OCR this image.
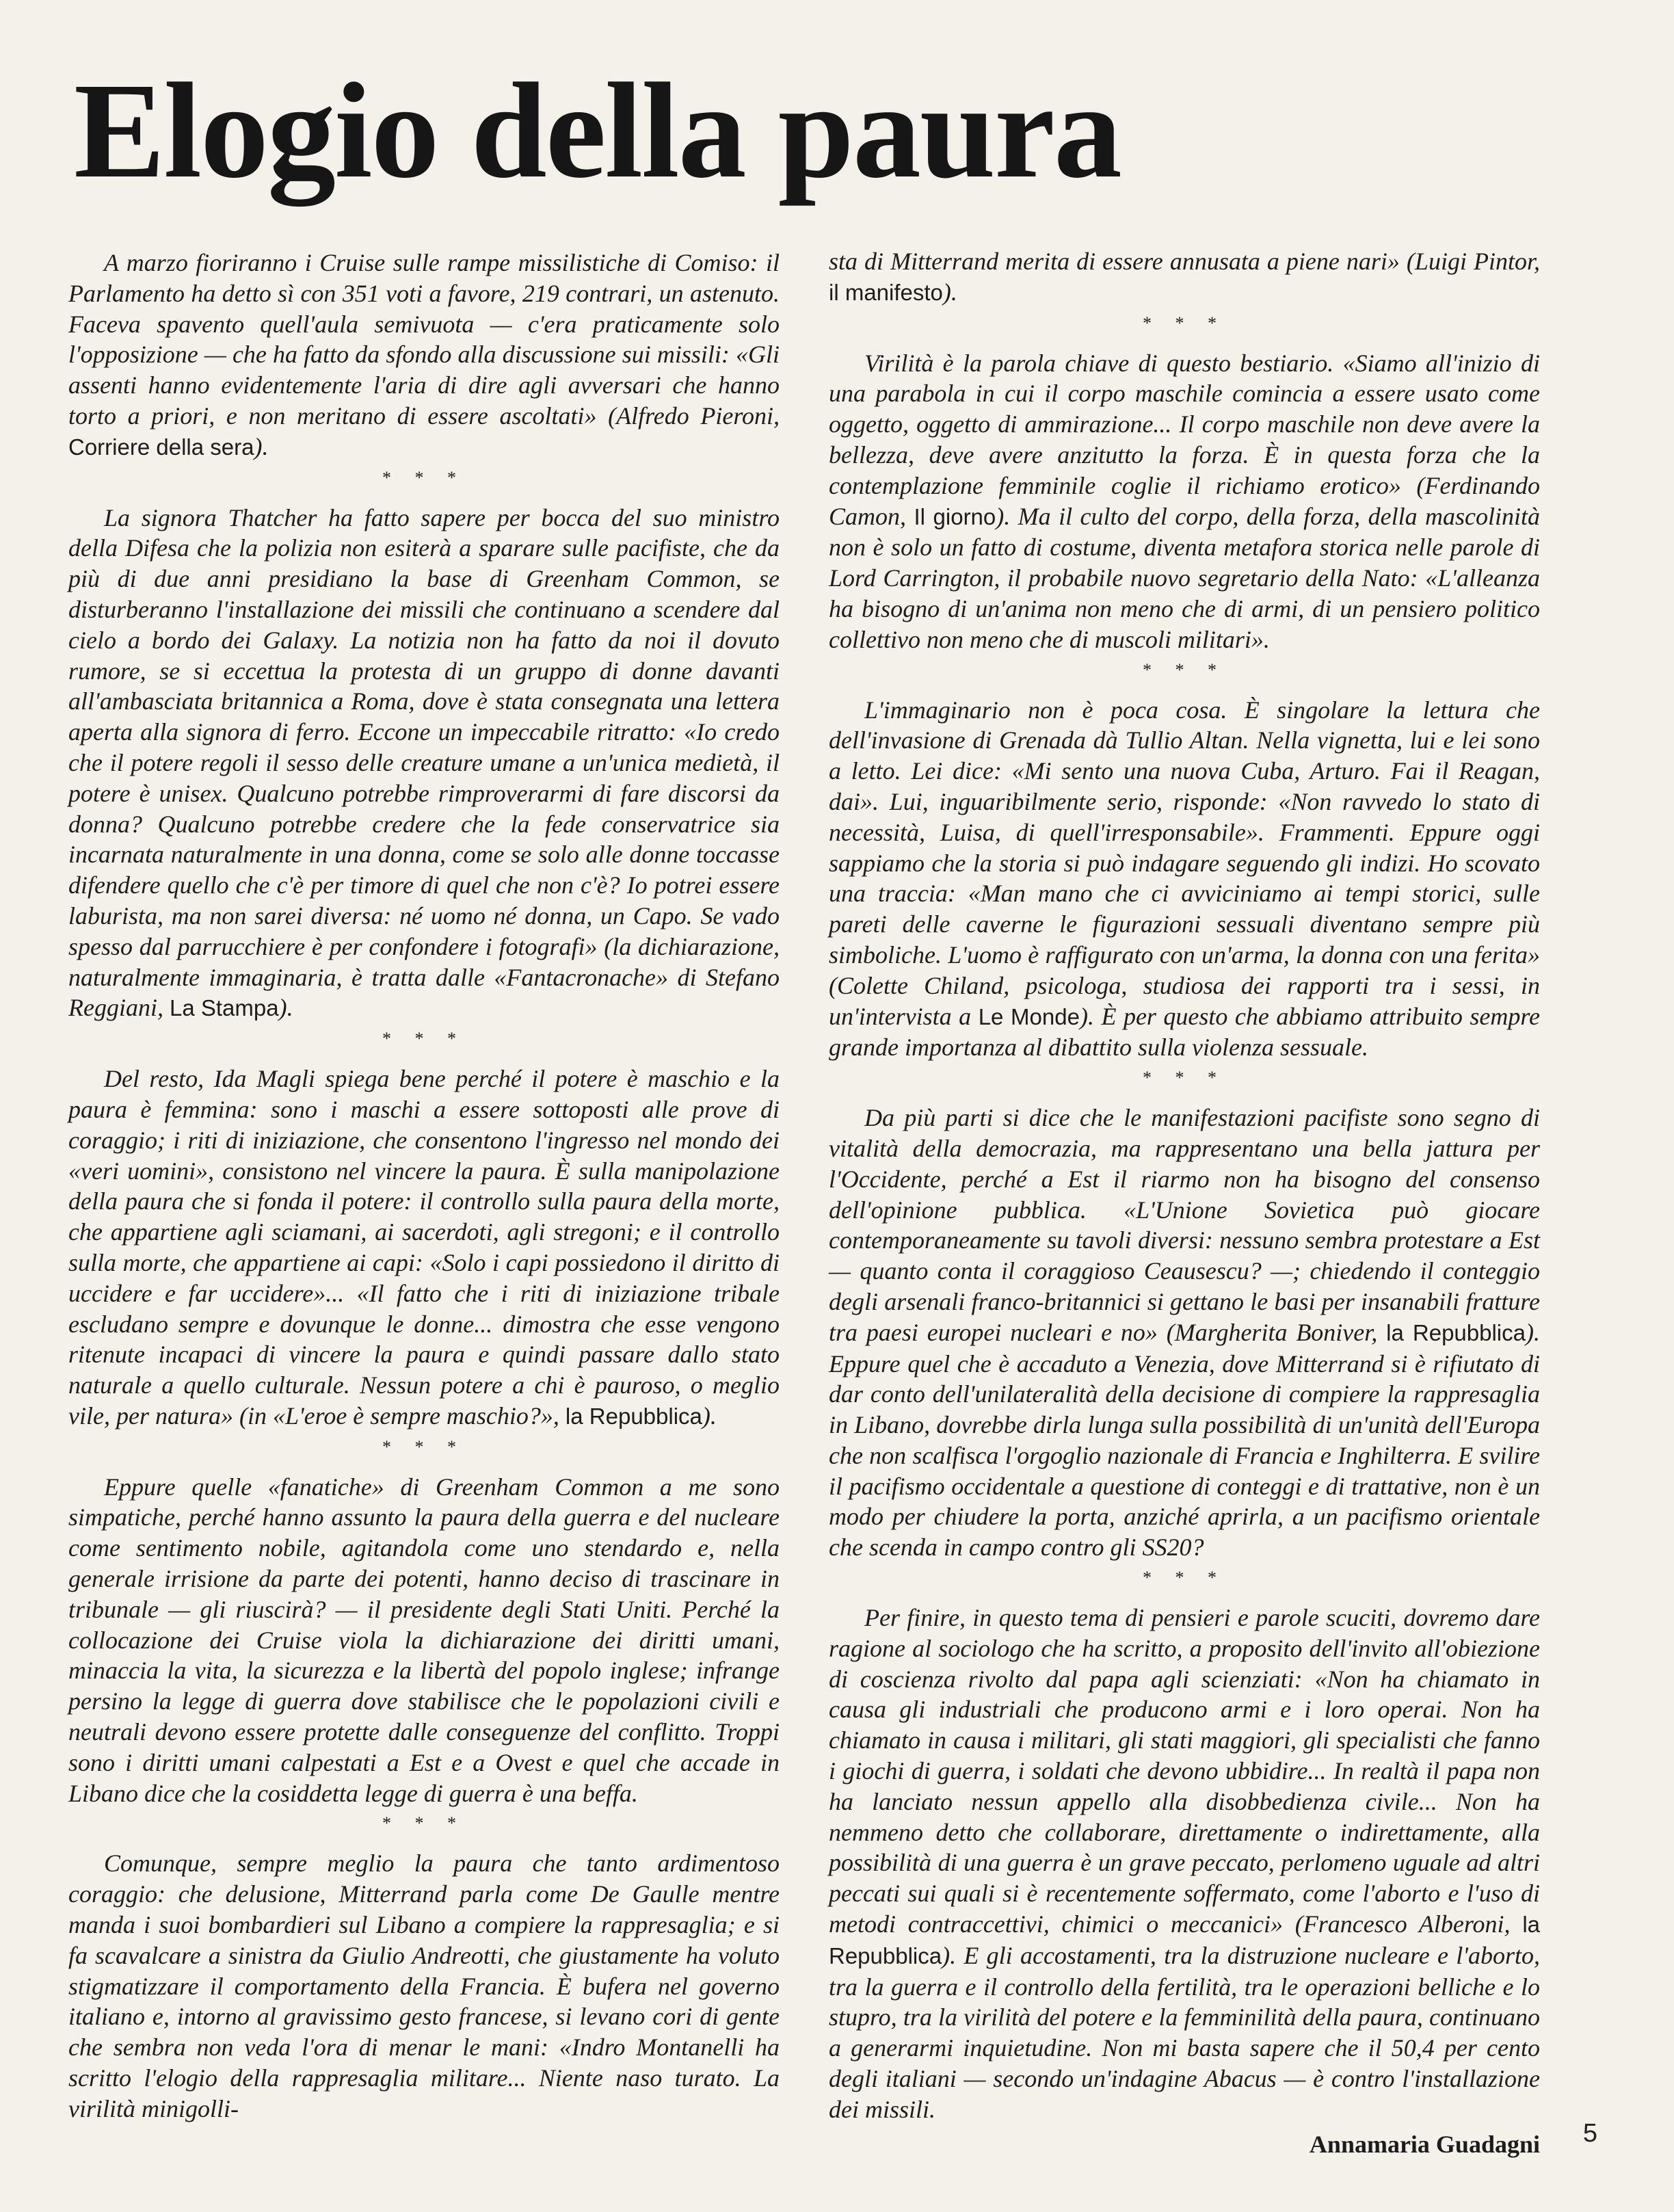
Elogio della paura

A marzo fioriranno i Cruise sulle rampe missilistiche di Comiso: il Parlamento ha detto sì con 351 voti a favore, 219 contrari, un astenuto. Faceva spavento quell'aula semivuota — c'era praticamente solo l'opposizione — che ha fatto da sfondo alla discussione sui missili: «Gli assenti hanno evidentemente l'aria di dire agli avversari che hanno torto a priori, e non meritano di essere ascoltati» (Alfredo Pieroni, Corriere della sera).

* * *

La signora Thatcher ha fatto sapere per bocca del suo ministro della Difesa che la polizia non esiterà a sparare sulle pacifiste, che da più di due anni presidiano la base di Greenham Common, se disturberanno l'installazione dei missili che continuano a scendere dal cielo a bordo dei Galaxy. La notizia non ha fatto da noi il dovuto rumore, se si eccettua la protesta di un gruppo di donne davanti all'ambasciata britannica a Roma, dove è stata consegnata una lettera aperta alla signora di ferro. Eccone un impeccabile ritratto: «Io credo che il potere regoli il sesso delle creature umane a un'unica medietà, il potere è unisex. Qualcuno potrebbe rimproverarmi di fare discorsi da donna? Qualcuno potrebbe credere che la fede conservatrice sia incarnata naturalmente in una donna, come se solo alle donne toccasse difendere quello che c'è per timore di quel che non c'è? Io potrei essere laburista, ma non sarei diversa: né uomo né donna, un Capo. Se vado spesso dal parrucchiere è per confondere i fotografi» (la dichiarazione, naturalmente immaginaria, è tratta dalle «Fantacronache» di Stefano Reggiani, La Stampa).

* * *

Del resto, Ida Magli spiega bene perché il potere è maschio e la paura è femmina: sono i maschi a essere sottoposti alle prove di coraggio; i riti di iniziazione, che consentono l'ingresso nel mondo dei «veri uomini», consistono nel vincere la paura. È sulla manipolazione della paura che si fonda il potere: il controllo sulla paura della morte, che appartiene agli sciamani, ai sacerdoti, agli stregoni; e il controllo sulla morte, che appartiene ai capi: «Solo i capi possiedono il diritto di uccidere e far uccidere»... «Il fatto che i riti di iniziazione tribale escludano sempre e dovunque le donne... dimostra che esse vengono ritenute incapaci di vincere la paura e quindi passare dallo stato naturale a quello culturale. Nessun potere a chi è pauroso, o meglio vile, per natura» (in «L'eroe è sempre maschio?», la Repubblica).

* * *

Eppure quelle «fanatiche» di Greenham Common a me sono simpatiche, perché hanno assunto la paura della guerra e del nucleare come sentimento nobile, agitandola come uno stendardo e, nella generale irrisione da parte dei potenti, hanno deciso di trascinare in tribunale — gli riuscirà? — il presidente degli Stati Uniti. Perché la collocazione dei Cruise viola la dichiarazione dei diritti umani, minaccia la vita, la sicurezza e la libertà del popolo inglese; infrange persino la legge di guerra dove stabilisce che le popolazioni civili e neutrali devono essere protette dalle conseguenze del conflitto. Troppi sono i diritti umani calpestati a Est e a Ovest e quel che accade in Libano dice che la cosiddetta legge di guerra è una beffa.

* * *

Comunque, sempre meglio la paura che tanto ardimentoso coraggio: che delusione, Mitterrand parla come De Gaulle mentre manda i suoi bombardieri sul Libano a compiere la rappresaglia; e si fa scavalcare a sinistra da Giulio Andreotti, che giustamente ha voluto stigmatizzare il comportamento della Francia. È bufera nel governo italiano e, intorno al gravissimo gesto francese, si levano cori di gente che sembra non veda l'ora di menar le mani: «Indro Montanelli ha scritto l'elogio della rappresaglia militare... Niente naso turato. La virilità minigolli-

sta di Mitterrand merita di essere annusata a piene nari» (Luigi Pintor, il manifesto).

* * *

Virilità è la parola chiave di questo bestiario. «Siamo all'inizio di una parabola in cui il corpo maschile comincia a essere usato come oggetto, oggetto di ammirazione... Il corpo maschile non deve avere la bellezza, deve avere anzitutto la forza. È in questa forza che la contemplazione femminile coglie il richiamo erotico» (Ferdinando Camon, Il giorno). Ma il culto del corpo, della forza, della mascolinità non è solo un fatto di costume, diventa metafora storica nelle parole di Lord Carrington, il probabile nuovo segretario della Nato: «L'alleanza ha bisogno di un'anima non meno che di armi, di un pensiero politico collettivo non meno che di muscoli militari».

* * *

L'immaginario non è poca cosa. È singolare la lettura che dell'invasione di Grenada dà Tullio Altan. Nella vignetta, lui e lei sono a letto. Lei dice: «Mi sento una nuova Cuba, Arturo. Fai il Reagan, dai». Lui, inguaribilmente serio, risponde: «Non ravvedo lo stato di necessità, Luisa, di quell'irresponsabile». Frammenti. Eppure oggi sappiamo che la storia si può indagare seguendo gli indizi. Ho scovato una traccia: «Man mano che ci avviciniamo ai tempi storici, sulle pareti delle caverne le figurazioni sessuali diventano sempre più simboliche. L'uomo è raffigurato con un'arma, la donna con una ferita» (Colette Chiland, psicologa, studiosa dei rapporti tra i sessi, in un'intervista a Le Monde). È per questo che abbiamo attribuito sempre grande importanza al dibattito sulla violenza sessuale.

* * *

Da più parti si dice che le manifestazioni pacifiste sono segno di vitalità della democrazia, ma rappresentano una bella jattura per l'Occidente, perché a Est il riarmo non ha bisogno del consenso dell'opinione pubblica. «L'Unione Sovietica può giocare contemporaneamente su tavoli diversi: nessuno sembra protestare a Est — quanto conta il coraggioso Ceausescu? —; chiedendo il conteggio degli arsenali franco-britannici si gettano le basi per insanabili fratture tra paesi europei nucleari e no» (Margherita Boniver, la Repubblica). Eppure quel che è accaduto a Venezia, dove Mitterrand si è rifiutato di dar conto dell'unilateralità della decisione di compiere la rappresaglia in Libano, dovrebbe dirla lunga sulla possibilità di un'unità dell'Europa che non scalfisca l'orgoglio nazionale di Francia e Inghilterra. E svilire il pacifismo occidentale a questione di conteggi e di trattative, non è un modo per chiudere la porta, anziché aprirla, a un pacifismo orientale che scenda in campo contro gli SS20?

* * *

Per finire, in questo tema di pensieri e parole scuciti, dovremo dare ragione al sociologo che ha scritto, a proposito dell'invito all'obiezione di coscienza rivolto dal papa agli scienziati: «Non ha chiamato in causa gli industriali che producono armi e i loro operai. Non ha chiamato in causa i militari, gli stati maggiori, gli specialisti che fanno i giochi di guerra, i soldati che devono ubbidire... In realtà il papa non ha lanciato nessun appello alla disobbedienza civile... Non ha nemmeno detto che collaborare, direttamente o indirettamente, alla possibilità di una guerra è un grave peccato, perlomeno uguale ad altri peccati sui quali si è recentemente soffermato, come l'aborto e l'uso di metodi contraccettivi, chimici o meccanici» (Francesco Alberoni, la Repubblica). E gli accostamenti, tra la distruzione nucleare e l'aborto, tra la guerra e il controllo della fertilità, tra le operazioni belliche e lo stupro, tra la virilità del potere e la femminilità della paura, continuano a generarmi inquietudine. Non mi basta sapere che il 50,4 per cento degli italiani — secondo un'indagine Abacus — è contro l'installazione dei missili.

Annamaria Guadagni 5
